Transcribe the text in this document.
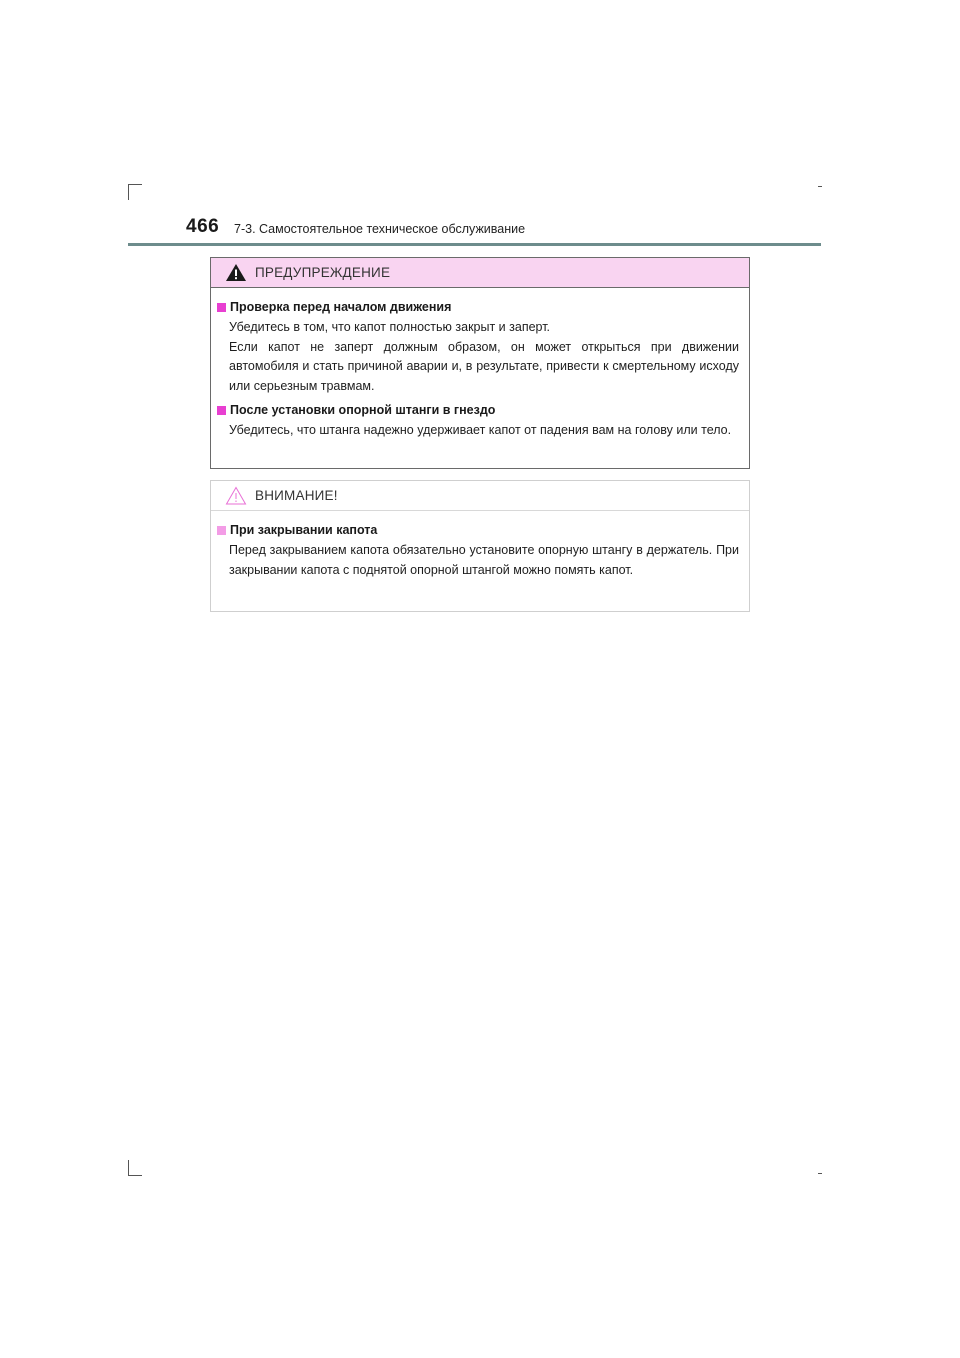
466 7-3. Самостоятельное техническое обслуживание
ПРЕДУПРЕЖДЕНИЕ
Проверка перед началом движения

Убедитесь в том, что капот полностью закрыт и заперт.

Если капот не заперт должным образом, он может открыться при движении автомобиля и стать причиной аварии и, в результате, привести к смертельному исходу или серьезным травмам.

После установки опорной штанги в гнездо

Убедитесь, что штанга надежно удерживает капот от падения вам на голову или тело.

ВНИМАНИЕ!
При закрывании капота

Перед закрыванием капота обязательно установите опорную штангу в держатель. При закрывании капота с поднятой опорной штангой можно помять капот.
